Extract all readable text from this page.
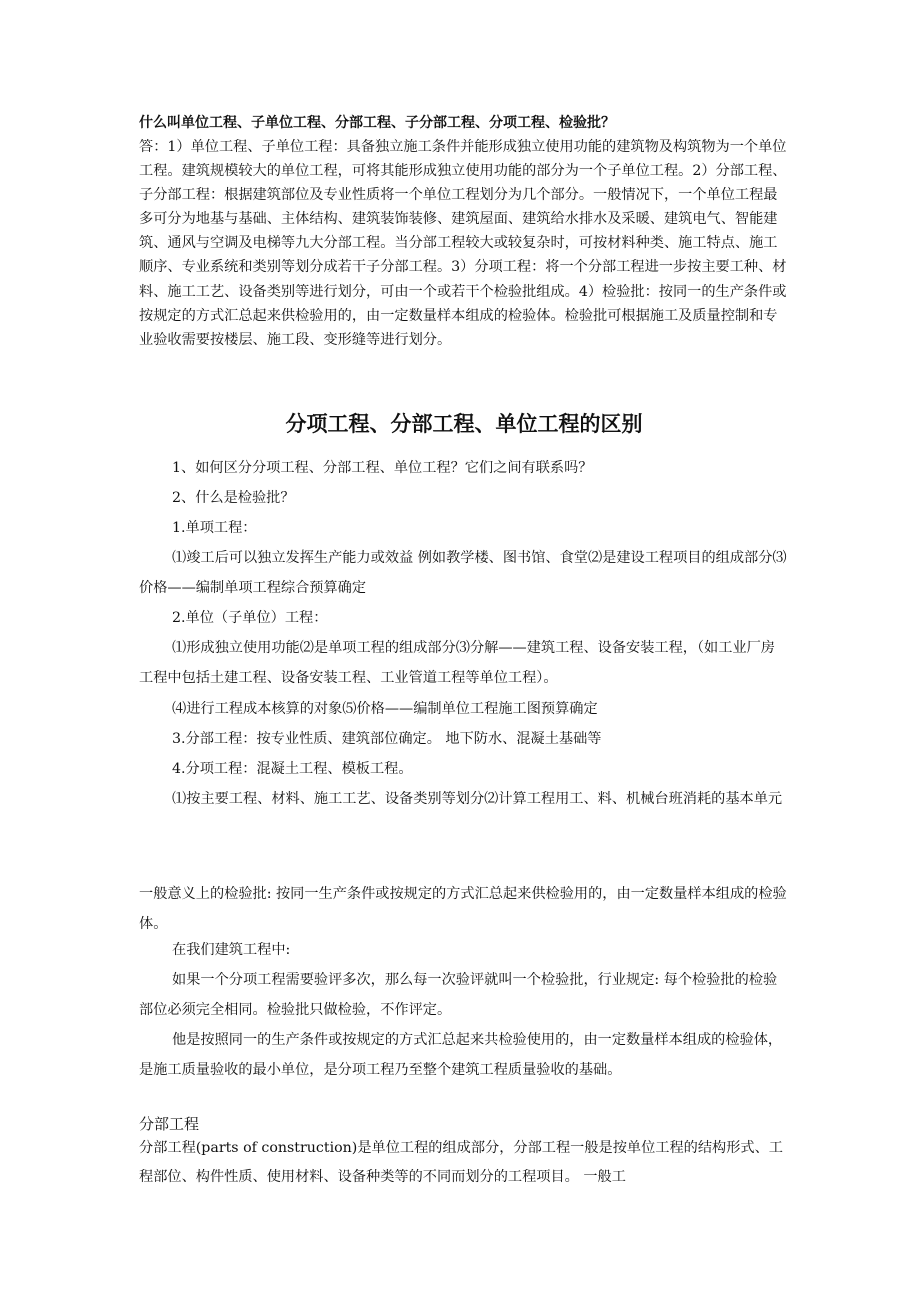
什么叫单位工程、子单位工程、分部工程、子分部工程、分项工程、检验批？

答：1）单位工程、子单位工程：具备独立施工条件并能形成独立使用功能的建筑物及构筑物为一个单位工程。建筑规模较大的单位工程，可将其能形成独立使用功能的部分为一个子单位工程。2）分部工程、子分部工程：根据建筑部位及专业性质将一个单位工程划分为几个部分。一般情况下，一个单位工程最多可分为地基与基础、主体结构、建筑装饰装修、建筑屋面、建筑给水排水及采暖、建筑电气、智能建筑、通风与空调及电梯等九大分部工程。当分部工程较大或较复杂时，可按材料种类、施工特点、施工顺序、专业系统和类别等划分成若干子分部工程。3）分项工程：将一个分部工程进一步按主要工种、材料、施工工艺、设备类别等进行划分，可由一个或若干个检验批组成。4）检验批：按同一的生产条件或按规定的方式汇总起来供检验用的，由一定数量样本组成的检验体。检验批可根据施工及质量控制和专业验收需要按楼层、施工段、变形缝等进行划分。

分项工程、分部工程、单位工程的区别
1、如何区分分项工程、分部工程、单位工程？它们之间有联系吗？
2、什么是检验批？
1.单项工程：

⑴竣工后可以独立发挥生产能力或效益 例如教学楼、图书馆、食堂⑵是建设工程项目的组成部分⑶价格——编制单项工程综合预算确定

2.单位（子单位）工程：

⑴形成独立使用功能⑵是单项工程的组成部分⑶分解——建筑工程、设备安装工程，（如工业厂房工程中包括土建工程、设备安装工程、工业管道工程等单位工程）。

⑷进行工程成本核算的对象⑸价格——编制单位工程施工图预算确定
3.分部工程：按专业性质、建筑部位确定。 地下防水、混凝土基础等
4.分项工程：混凝土工程、模板工程。

⑴按主要工程、材料、施工工艺、设备类别等划分⑵计算工程用工、料、机械台班消耗的基本单元

一般意义上的检验批: 按同一生产条件或按规定的方式汇总起来供检验用的，由一定数量样本组成的检验体。

在我们建筑工程中:

如果一个分项工程需要验评多次，那么每一次验评就叫一个检验批，行业规定: 每个检验批的检验部位必须完全相同。检验批只做检验，不作评定。

他是按照同一的生产条件或按规定的方式汇总起来共检验使用的，由一定数量样本组成的检验体，是施工质量验收的最小单位，是分项工程乃至整个建筑工程质量验收的基础。

分部工程

分部工程(parts of construction)是单位工程的组成部分，分部工程一般是按单位工程的结构形式、工程部位、构件性质、使用材料、设备种类等的不同而划分的工程项目。 一般工
